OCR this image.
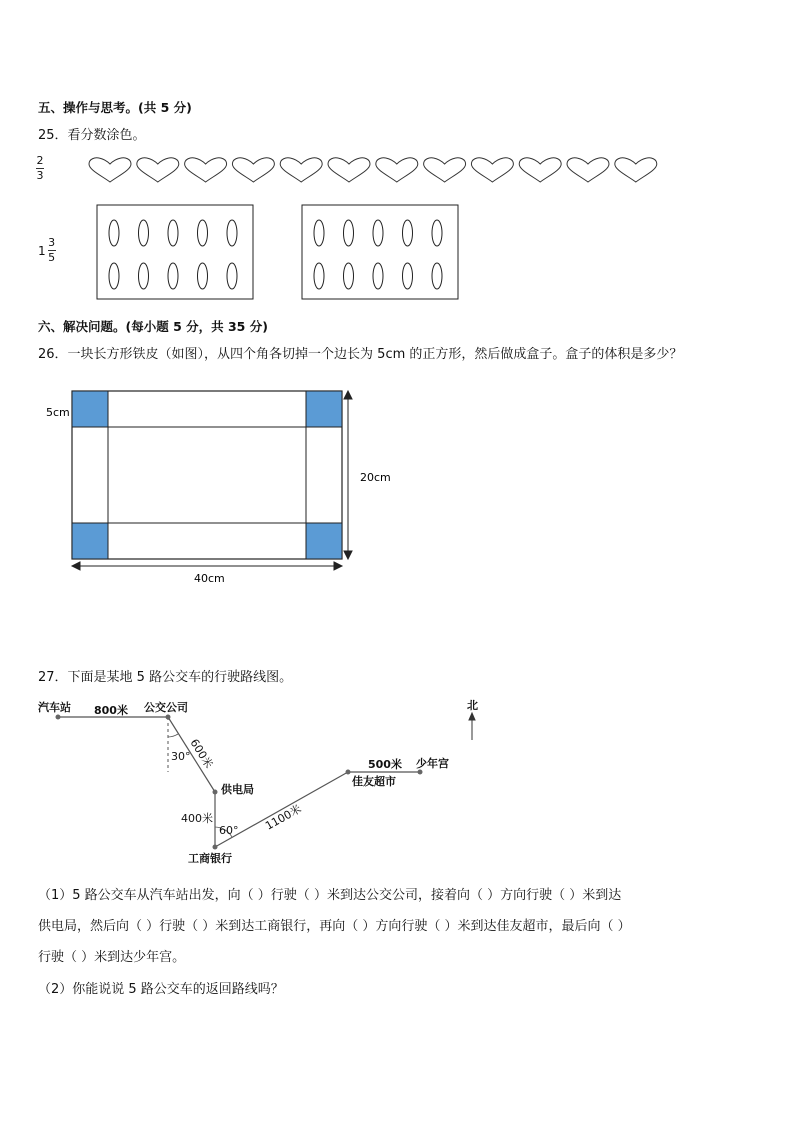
五、操作与思考。(共 5 分)
25．看分数涂色。
2
3
1
3
5
六、解决问题。(每小题 5 分，共 35 分)
26．一块长方形铁皮（如图），从四个角各切掉一个边长为 5cm 的正方形，然后做成盒子。盒子的体积是多少？
5cm
20cm
40cm
27．下面是某地 5 路公交车的行驶路线图。
汽车站 800米 公交公司
30°
600米
供电局
400米
60°
工商银行
1100米
佳友超市
500米 少年宫
北
（1）5 路公交车从汽车站出发，向（ ）行驶（ ）米到达公交公司，接着向（ ）方向行驶（ ）米到达
供电局，然后向（ ）行驶（ ）米到达工商银行，再向（ ）方向行驶（ ）米到达佳友超市，最后向（ ）
行驶（ ）米到达少年宫。
（2）你能说说 5 路公交车的返回路线吗？
